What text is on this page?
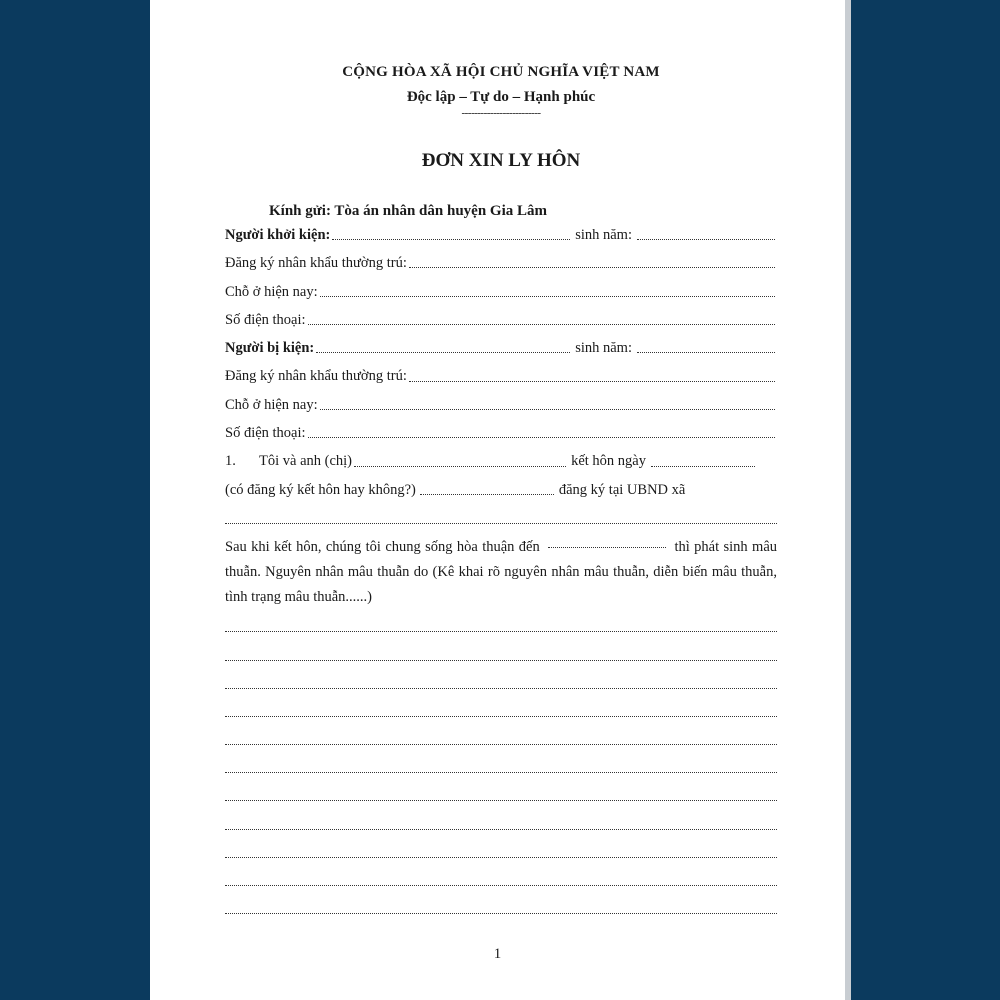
CỘNG HÒA XÃ HỘI CHỦ NGHĨA VIỆT NAM
Độc lập – Tự do – Hạnh phúc
-------------------------
ĐƠN XIN LY HÔN
Kính gửi: Tòa án nhân dân huyện Gia Lâm
Người khởi kiện:	sinh năm:
Đăng ký nhân khẩu thường trú:
Chỗ ở hiện nay:
Số điện thoại:
Người bị kiện:	sinh năm:
Đăng ký nhân khẩu thường trú:
Chỗ ở hiện nay:
Số điện thoại:
1.	Tôi và anh (chị)	kết hôn ngày
(có đăng ký kết hôn hay không?)	đăng ký tại UBND xã
Sau khi kết hôn, chúng tôi chung sống hòa thuận đến	thì phát sinh mâu thuẫn. Nguyên nhân mâu thuẫn do (Kê khai rõ nguyên nhân mâu thuẫn, diễn biến mâu thuẫn, tình trạng mâu thuẫn......)
1
